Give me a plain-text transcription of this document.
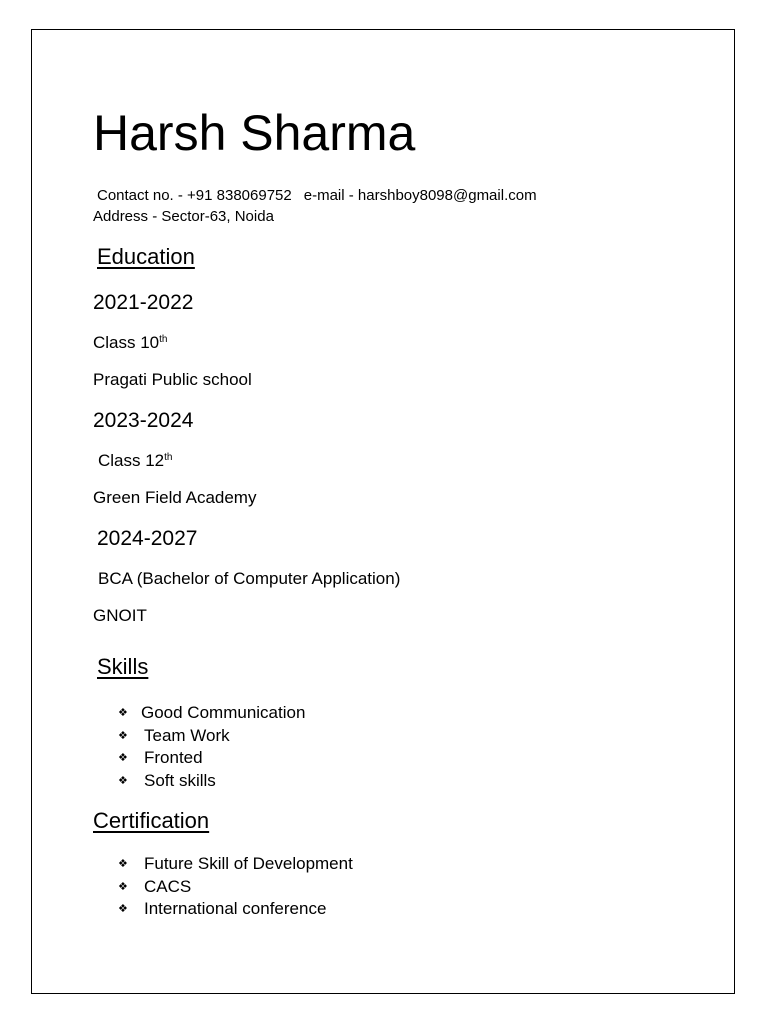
Harsh Sharma
Contact no. - +91 838069752 e-mail - harshboy8098@gmail.com
Address - Sector-63, Noida
Education
2021-2022
Class 10th
Pragati Public school
2023-2024
Class 12th
Green Field Academy
2024-2027
BCA (Bachelor of Computer Application)
GNOIT
Skills
❖ Good Communication
❖ Team Work
❖ Fronted
❖ Soft skills
Certification
❖ Future Skill of Development
❖ CACS
❖ International conference
